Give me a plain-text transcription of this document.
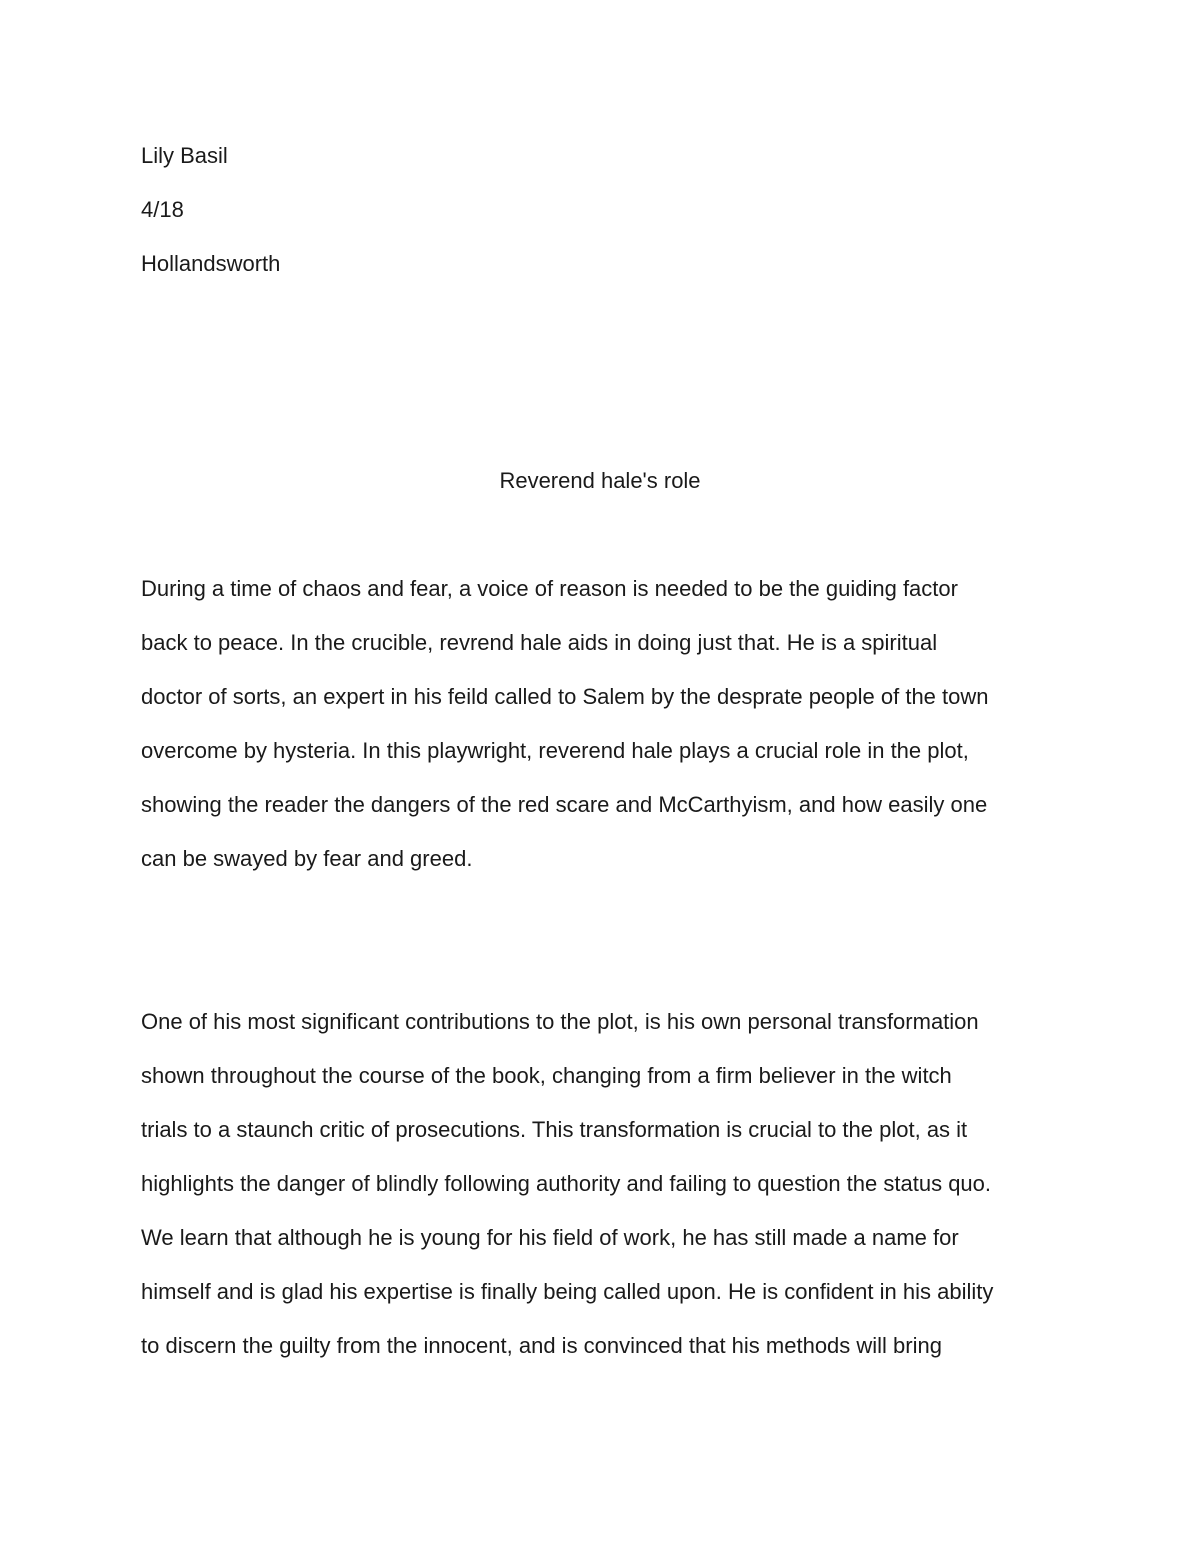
Lily Basil
4/18
Hollandsworth
Reverend hale's role
During a time of chaos and fear, a voice of reason is needed to be the guiding factor
back to peace. In the crucible, revrend hale aids in doing just that. He is a spiritual
doctor of sorts, an expert in his feild called to Salem by the desprate people of the town
overcome by hysteria. In this playwright, reverend hale plays a crucial role in the plot,
showing the reader the dangers of the red scare and McCarthyism, and how easily one
can be swayed by fear and greed.
One of his most significant contributions to the plot, is his own personal transformation
shown throughout the course of the book, changing from a firm believer in the witch
trials to a staunch critic of prosecutions. This transformation is crucial to the plot, as it
highlights the danger of blindly following authority and failing to question the status quo.
We learn that although he is young for his field of work, he has still made a name for
himself and is glad his expertise is finally being called upon. He is confident in his ability
to discern the guilty from the innocent, and is convinced that his methods will bring
